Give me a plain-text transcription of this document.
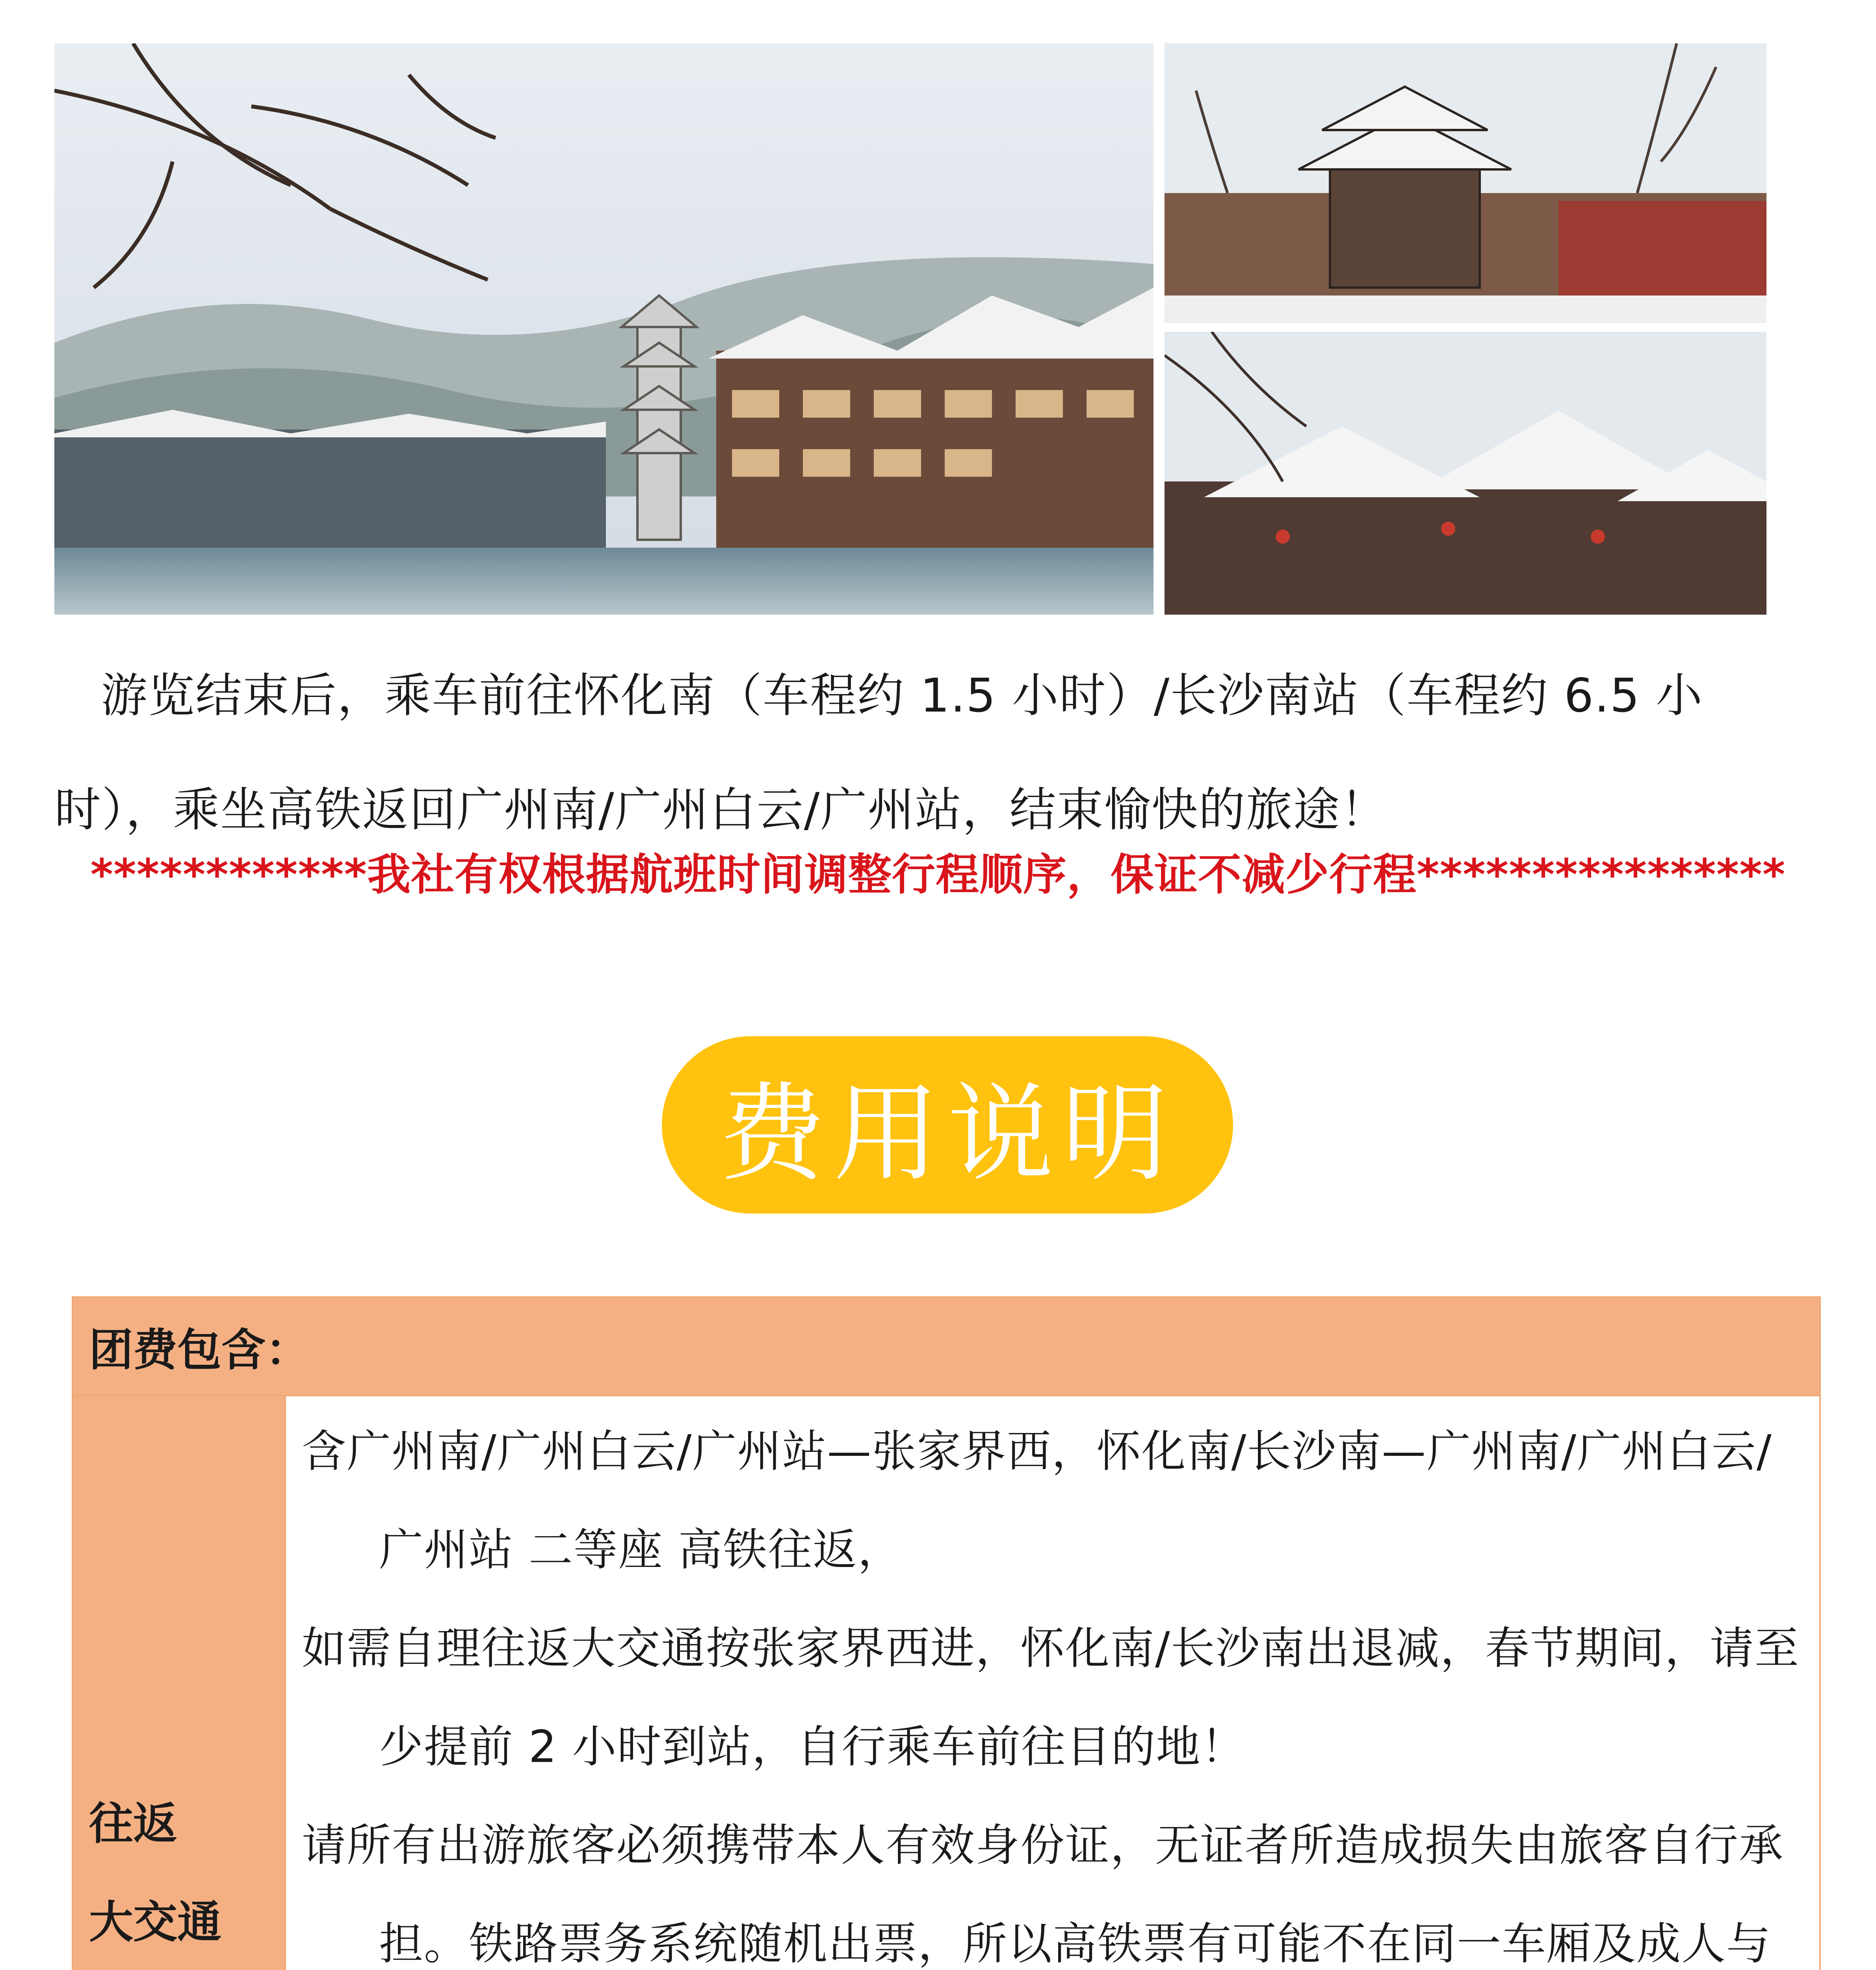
游览结束后，乘车前往怀化南（车程约 1.5 小时）/长沙南站（车程约 6.5 小时），乘坐高铁返回广州南/广州白云/广州站，结束愉快的旅途！

************我社有权根据航班时间调整行程顺序，保证不减少行程****************

费用说明
团费包含：
往返
大交通

含广州南/广州白云/广州站—张家界西，怀化南/长沙南—广州南/广州白云/广州站 二等座 高铁往返，

如需自理往返大交通按张家界西进，怀化南/长沙南出退减，春节期间，请至少提前 2 小时到站，自行乘车前往目的地！

请所有出游旅客必须携带本人有效身份证，无证者所造成损失由旅客自行承担。铁路票务系统随机出票，所以高铁票有可能不在同一车厢及成人与
